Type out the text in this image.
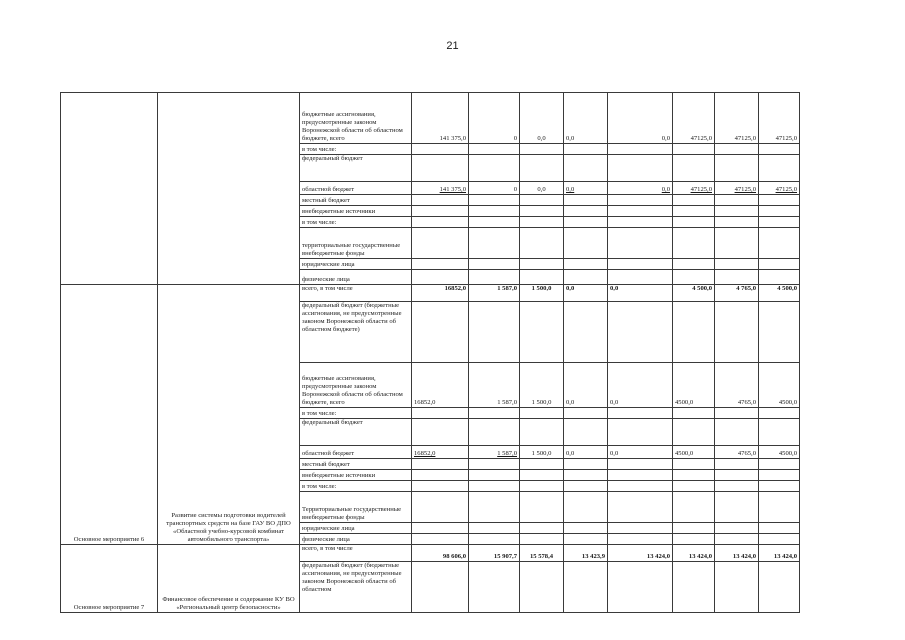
21
		бюджетные ассигнования, предусмотренные законом Воронежской области об областном бюджете, всего	141 375,0	0	0,0	0,0	0,0	47125,0	47125,0	47125,0
		в том числе:								
		федеральный бюджет								
		областной бюджет	141 375,0	0	0,0	0,0	0,0	47125,0	47125,0	47125,0
		местный бюджет								
		внебюджетные источники								
		в том числе:								
		территориальные государственные внебюджетные фонды								
		юридические лица								
		физические лица								
Основное мероприятие 6	Развитие системы подготовки водителей транспортных средств на базе ГАУ ВО ДПО «Областной учебно-курсовой комбинат автомобильного транспорта»	всего, в том числе	16852,0	1 587,0	1 500,0	0,0	0,0	4 500,0	4 765,0	4 500,0
		федеральный бюджет (бюджетные ассигнования, не предусмотренные законом Воронежской области об областном бюджете)								
		бюджетные ассигнования, предусмотренные законом Воронежской области об областном бюджете, всего	16852,0	1 587,0	1 500,0	0,0	0,0	4500,0	4765,0	4500,0
		в том числе:								
		федеральный бюджет								
		областной бюджет	16852,0	1 587,0	1 500,0	0,0	0,0	4500,0	4765,0	4500,0
		местный бюджет								
		внебюджетные источники								
		в том числе:								
		Территориальные государственные внебюджетные фонды								
		юридические лица								
		физические лица								
Основное мероприятие 7	Финансовое обеспечение и содержание КУ ВО «Региональный центр безопасности»	всего, в том числе	98 606,0	15 907,7	15 578,4	13 423,9	13 424,0	13 424,0	13 424,0	13 424,0
		федеральный бюджет (бюджетные ассигнования, не предусмотренные законом Воронежской области об областном								
